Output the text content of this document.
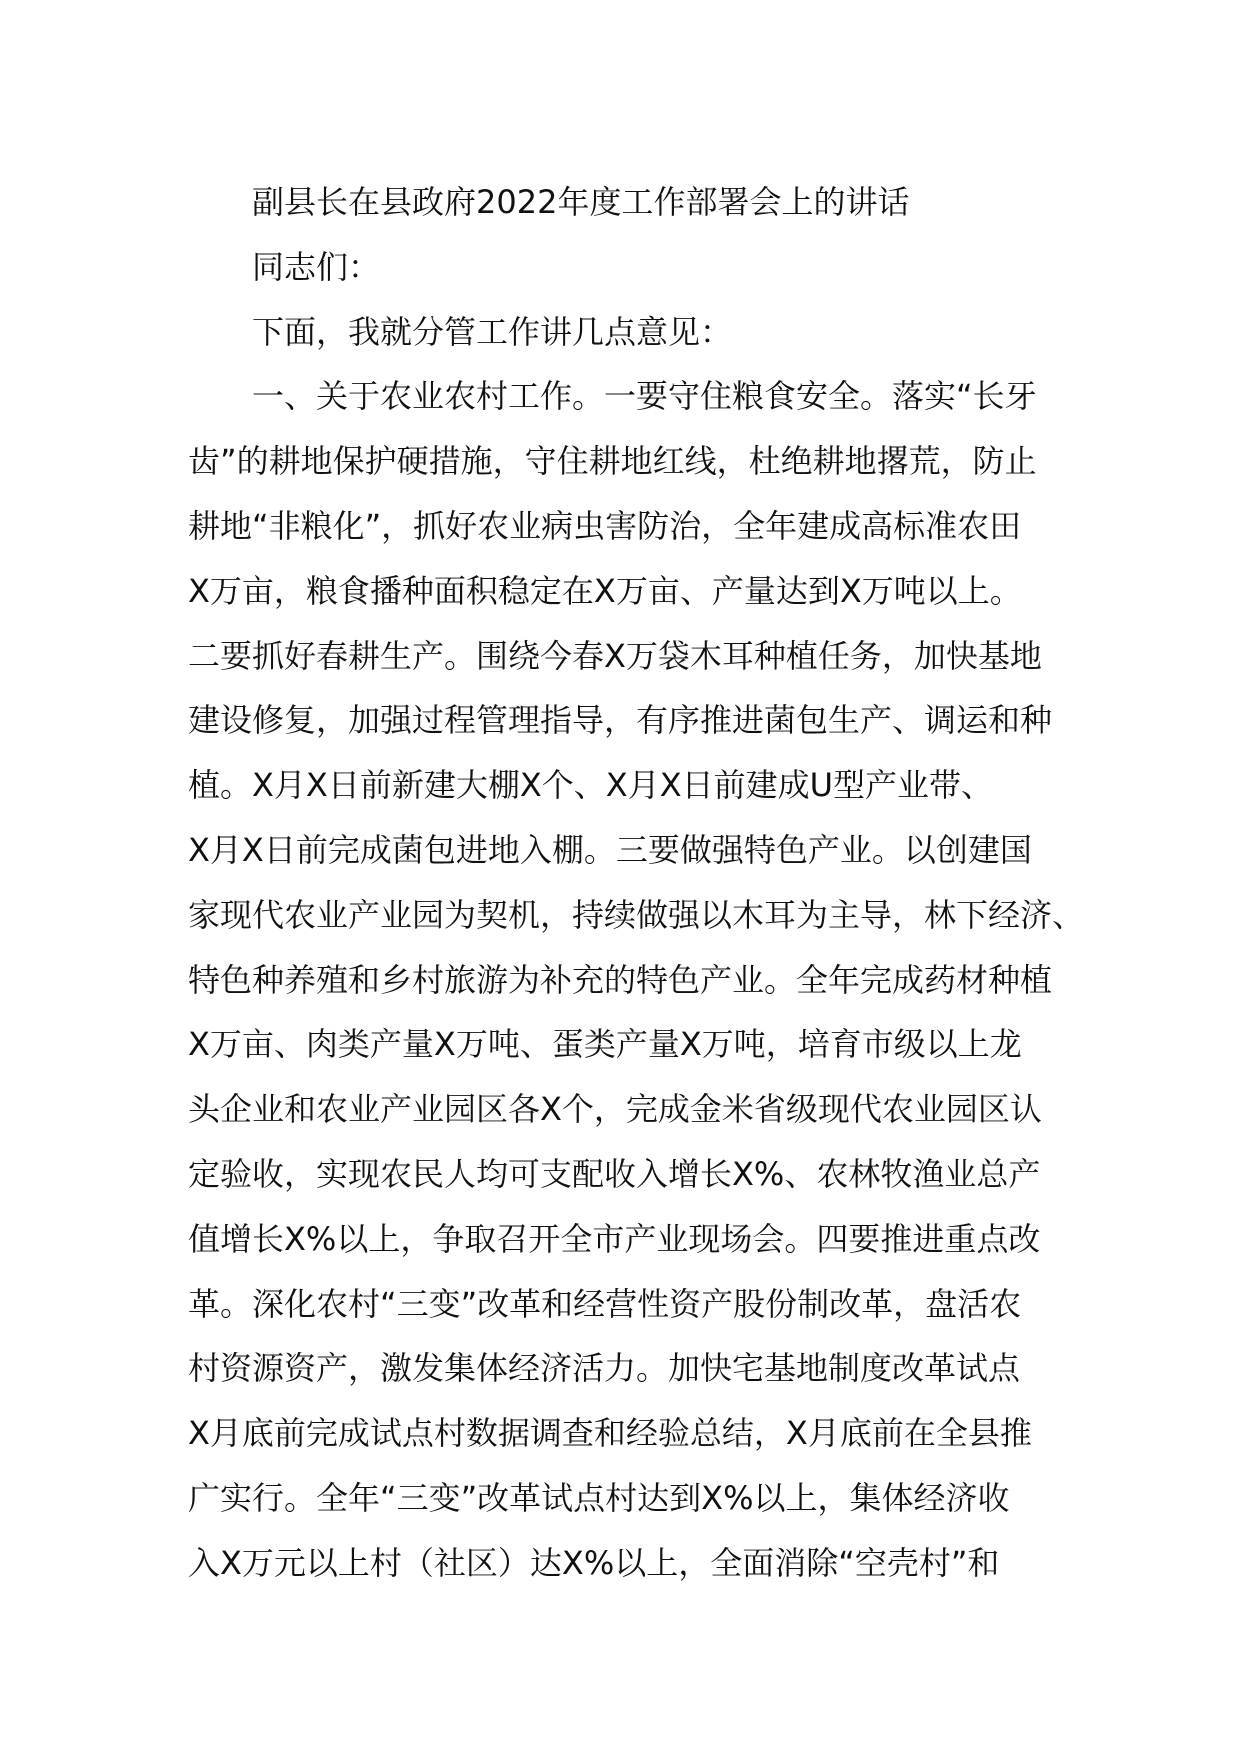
副县长在县政府2022年度工作部署会上的讲话
同志们：
下面，我就分管工作讲几点意见：
一、关于农业农村工作。一要守住粮食安全。落实“长牙
齿”的耕地保护硬措施，守住耕地红线，杜绝耕地撂荒，防止
耕地“非粮化”，抓好农业病虫害防治，全年建成高标准农田
X万亩，粮食播种面积稳定在X万亩、产量达到X万吨以上。
二要抓好春耕生产。围绕今春X万袋木耳种植任务，加快基地
建设修复，加强过程管理指导，有序推进菌包生产、调运和种
植。X月X日前新建大棚X个、X月X日前建成U型产业带、
X月X日前完成菌包进地入棚。三要做强特色产业。以创建国
家现代农业产业园为契机，持续做强以木耳为主导，林下经济、
特色种养殖和乡村旅游为补充的特色产业。全年完成药材种植
X万亩、肉类产量X万吨、蛋类产量X万吨，培育市级以上龙
头企业和农业产业园区各X个，完成金米省级现代农业园区认
定验收，实现农民人均可支配收入增长X%、农林牧渔业总产
值增长X%以上，争取召开全市产业现场会。四要推进重点改
革。深化农村“三变”改革和经营性资产股份制改革，盘活农
村资源资产，激发集体经济活力。加快宅基地制度改革试点
X月底前完成试点村数据调查和经验总结，X月底前在全县推
广实行。全年“三变”改革试点村达到X%以上，集体经济收
入X万元以上村（社区）达X%以上，全面消除“空壳村”和
